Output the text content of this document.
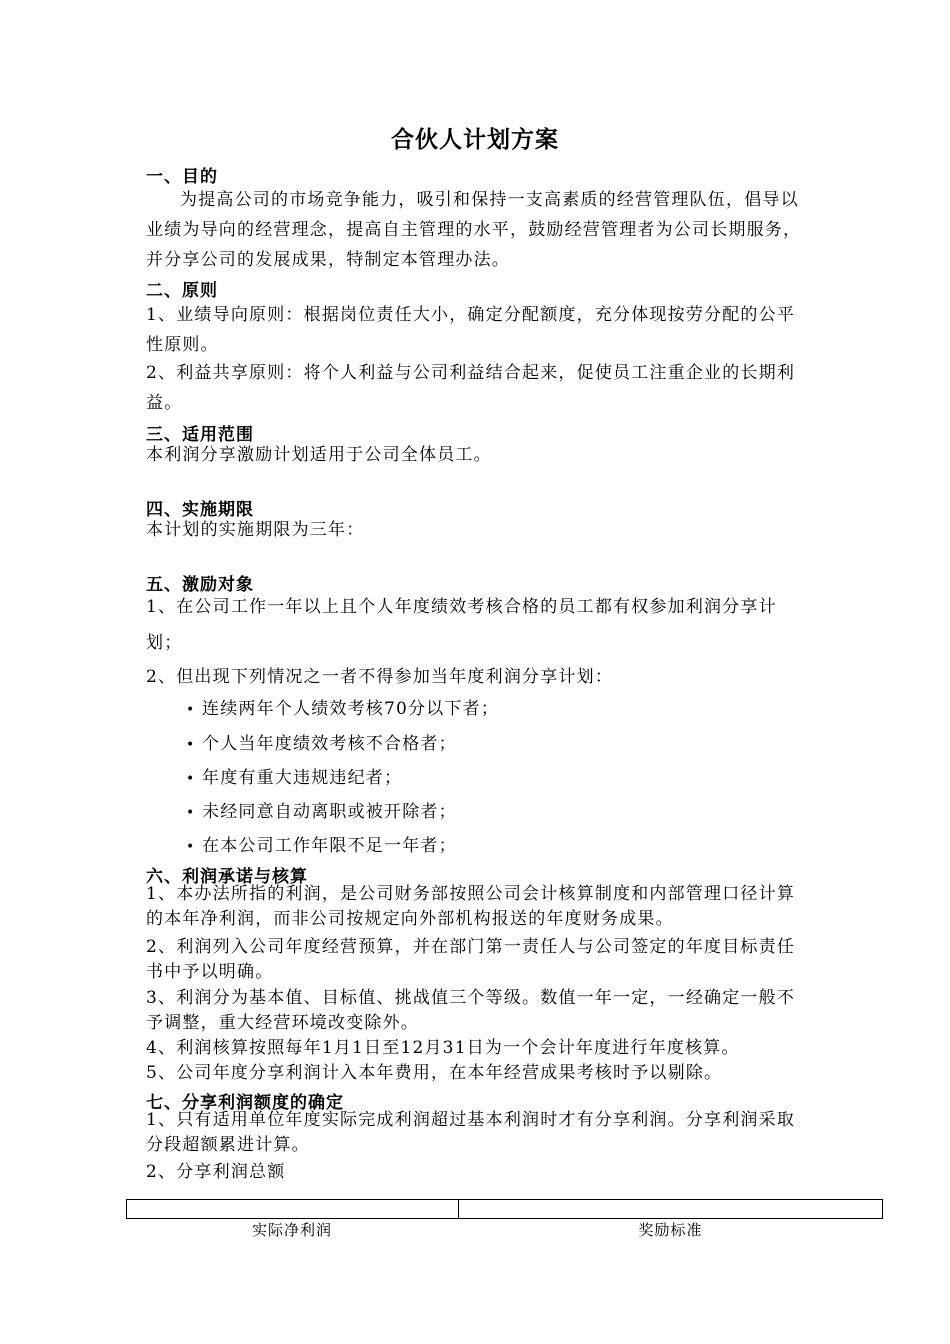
合伙人计划方案
一、目的
为提高公司的市场竞争能力，吸引和保持一支高素质的经营管理队伍，倡导以业绩为导向的经营理念，提高自主管理的水平，鼓励经营管理者为公司长期服务，并分享公司的发展成果，特制定本管理办法。
二、原则
1、业绩导向原则：根据岗位责任大小，确定分配额度，充分体现按劳分配的公平性原则。
2、利益共享原则：将个人利益与公司利益结合起来，促使员工注重企业的长期利益。
三、适用范围
本利润分享激励计划适用于公司全体员工。
四、实施期限
本计划的实施期限为三年：
五、激励对象
1、在公司工作一年以上且个人年度绩效考核合格的员工都有权参加利润分享计
划；
2、但出现下列情况之一者不得参加当年度利润分享计划：
• 连续两年个人绩效考核70分以下者；
• 个人当年度绩效考核不合格者；
• 年度有重大违规违纪者；
• 未经同意自动离职或被开除者；
• 在本公司工作年限不足一年者；
六、利润承诺与核算
1、本办法所指的利润，是公司财务部按照公司会计核算制度和内部管理口径计算的本年净利润，而非公司按规定向外部机构报送的年度财务成果。
2、利润列入公司年度经营预算，并在部门第一责任人与公司签定的年度目标责任书中予以明确。
3、利润分为基本值、目标值、挑战值三个等级。数值一年一定，一经确定一般不予调整，重大经营环境改变除外。
4、利润核算按照每年1月1日至12月31日为一个会计年度进行年度核算。
5、公司年度分享利润计入本年费用，在本年经营成果考核时予以剔除。
七、分享利润额度的确定
1、只有适用单位年度实际完成利润超过基本利润时才有分享利润。分享利润采取分段超额累进计算。
2、分享利润总额

实际净利润	奖励标准
